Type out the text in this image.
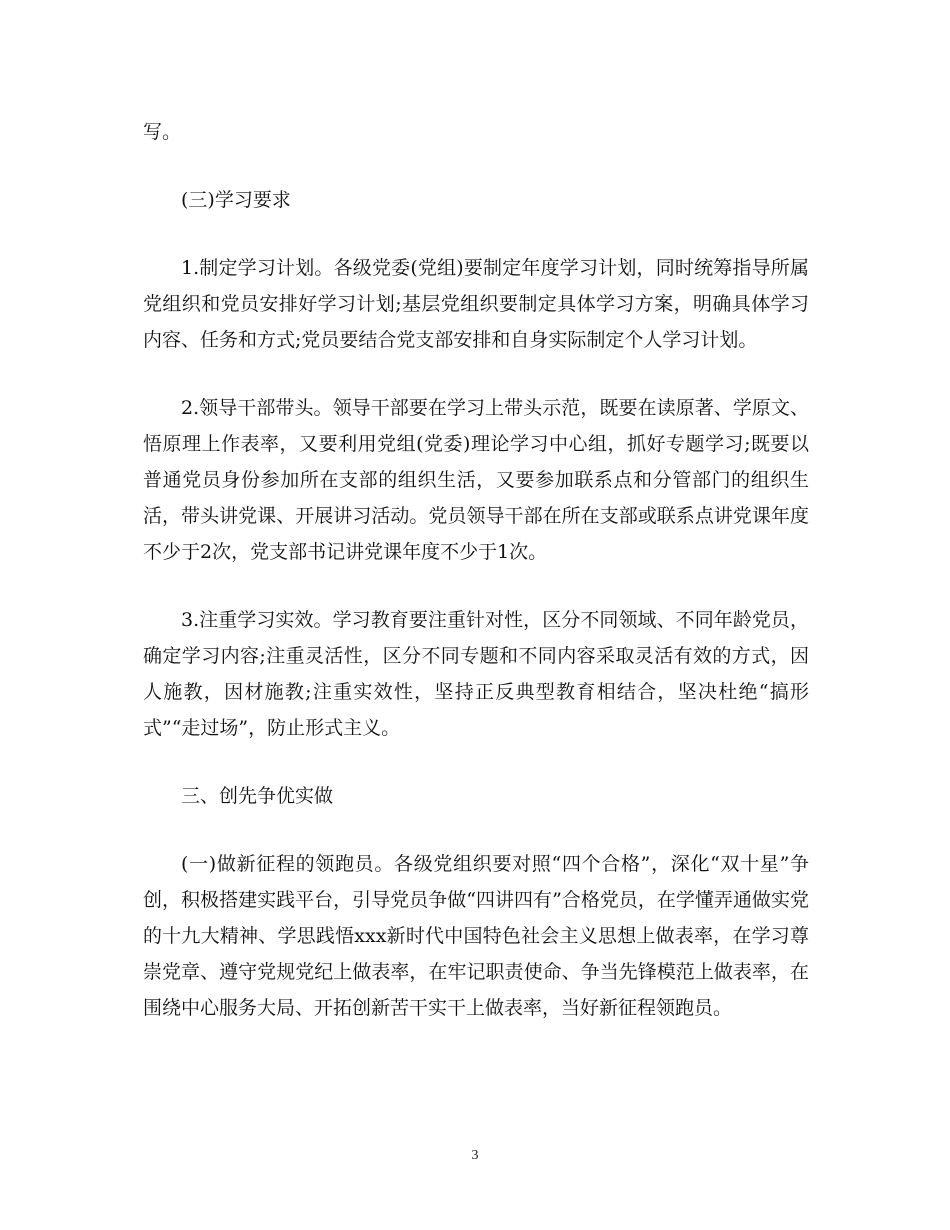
写。

(三)学习要求

1.制定学习计划。各级党委(党组)要制定年度学习计划，同时统筹指导所属党组织和党员安排好学习计划;基层党组织要制定具体学习方案，明确具体学习内容、任务和方式;党员要结合党支部安排和自身实际制定个人学习计划。

2.领导干部带头。领导干部要在学习上带头示范，既要在读原著、学原文、悟原理上作表率，又要利用党组(党委)理论学习中心组，抓好专题学习;既要以普通党员身份参加所在支部的组织生活，又要参加联系点和分管部门的组织生活，带头讲党课、开展讲习活动。党员领导干部在所在支部或联系点讲党课年度不少于2次，党支部书记讲党课年度不少于1次。

3.注重学习实效。学习教育要注重针对性，区分不同领域、不同年龄党员，确定学习内容;注重灵活性，区分不同专题和不同内容采取灵活有效的方式，因人施教，因材施教;注重实效性，坚持正反典型教育相结合，坚决杜绝“搞形式”“走过场”，防止形式主义。

三、创先争优实做

(一)做新征程的领跑员。各级党组织要对照“四个合格”，深化“双十星”争创，积极搭建实践平台，引导党员争做“四讲四有”合格党员，在学懂弄通做实党的十九大精神、学思践悟xxx新时代中国特色社会主义思想上做表率，在学习尊崇党章、遵守党规党纪上做表率，在牢记职责使命、争当先锋模范上做表率，在围绕中心服务大局、开拓创新苦干实干上做表率，当好新征程领跑员。

3
